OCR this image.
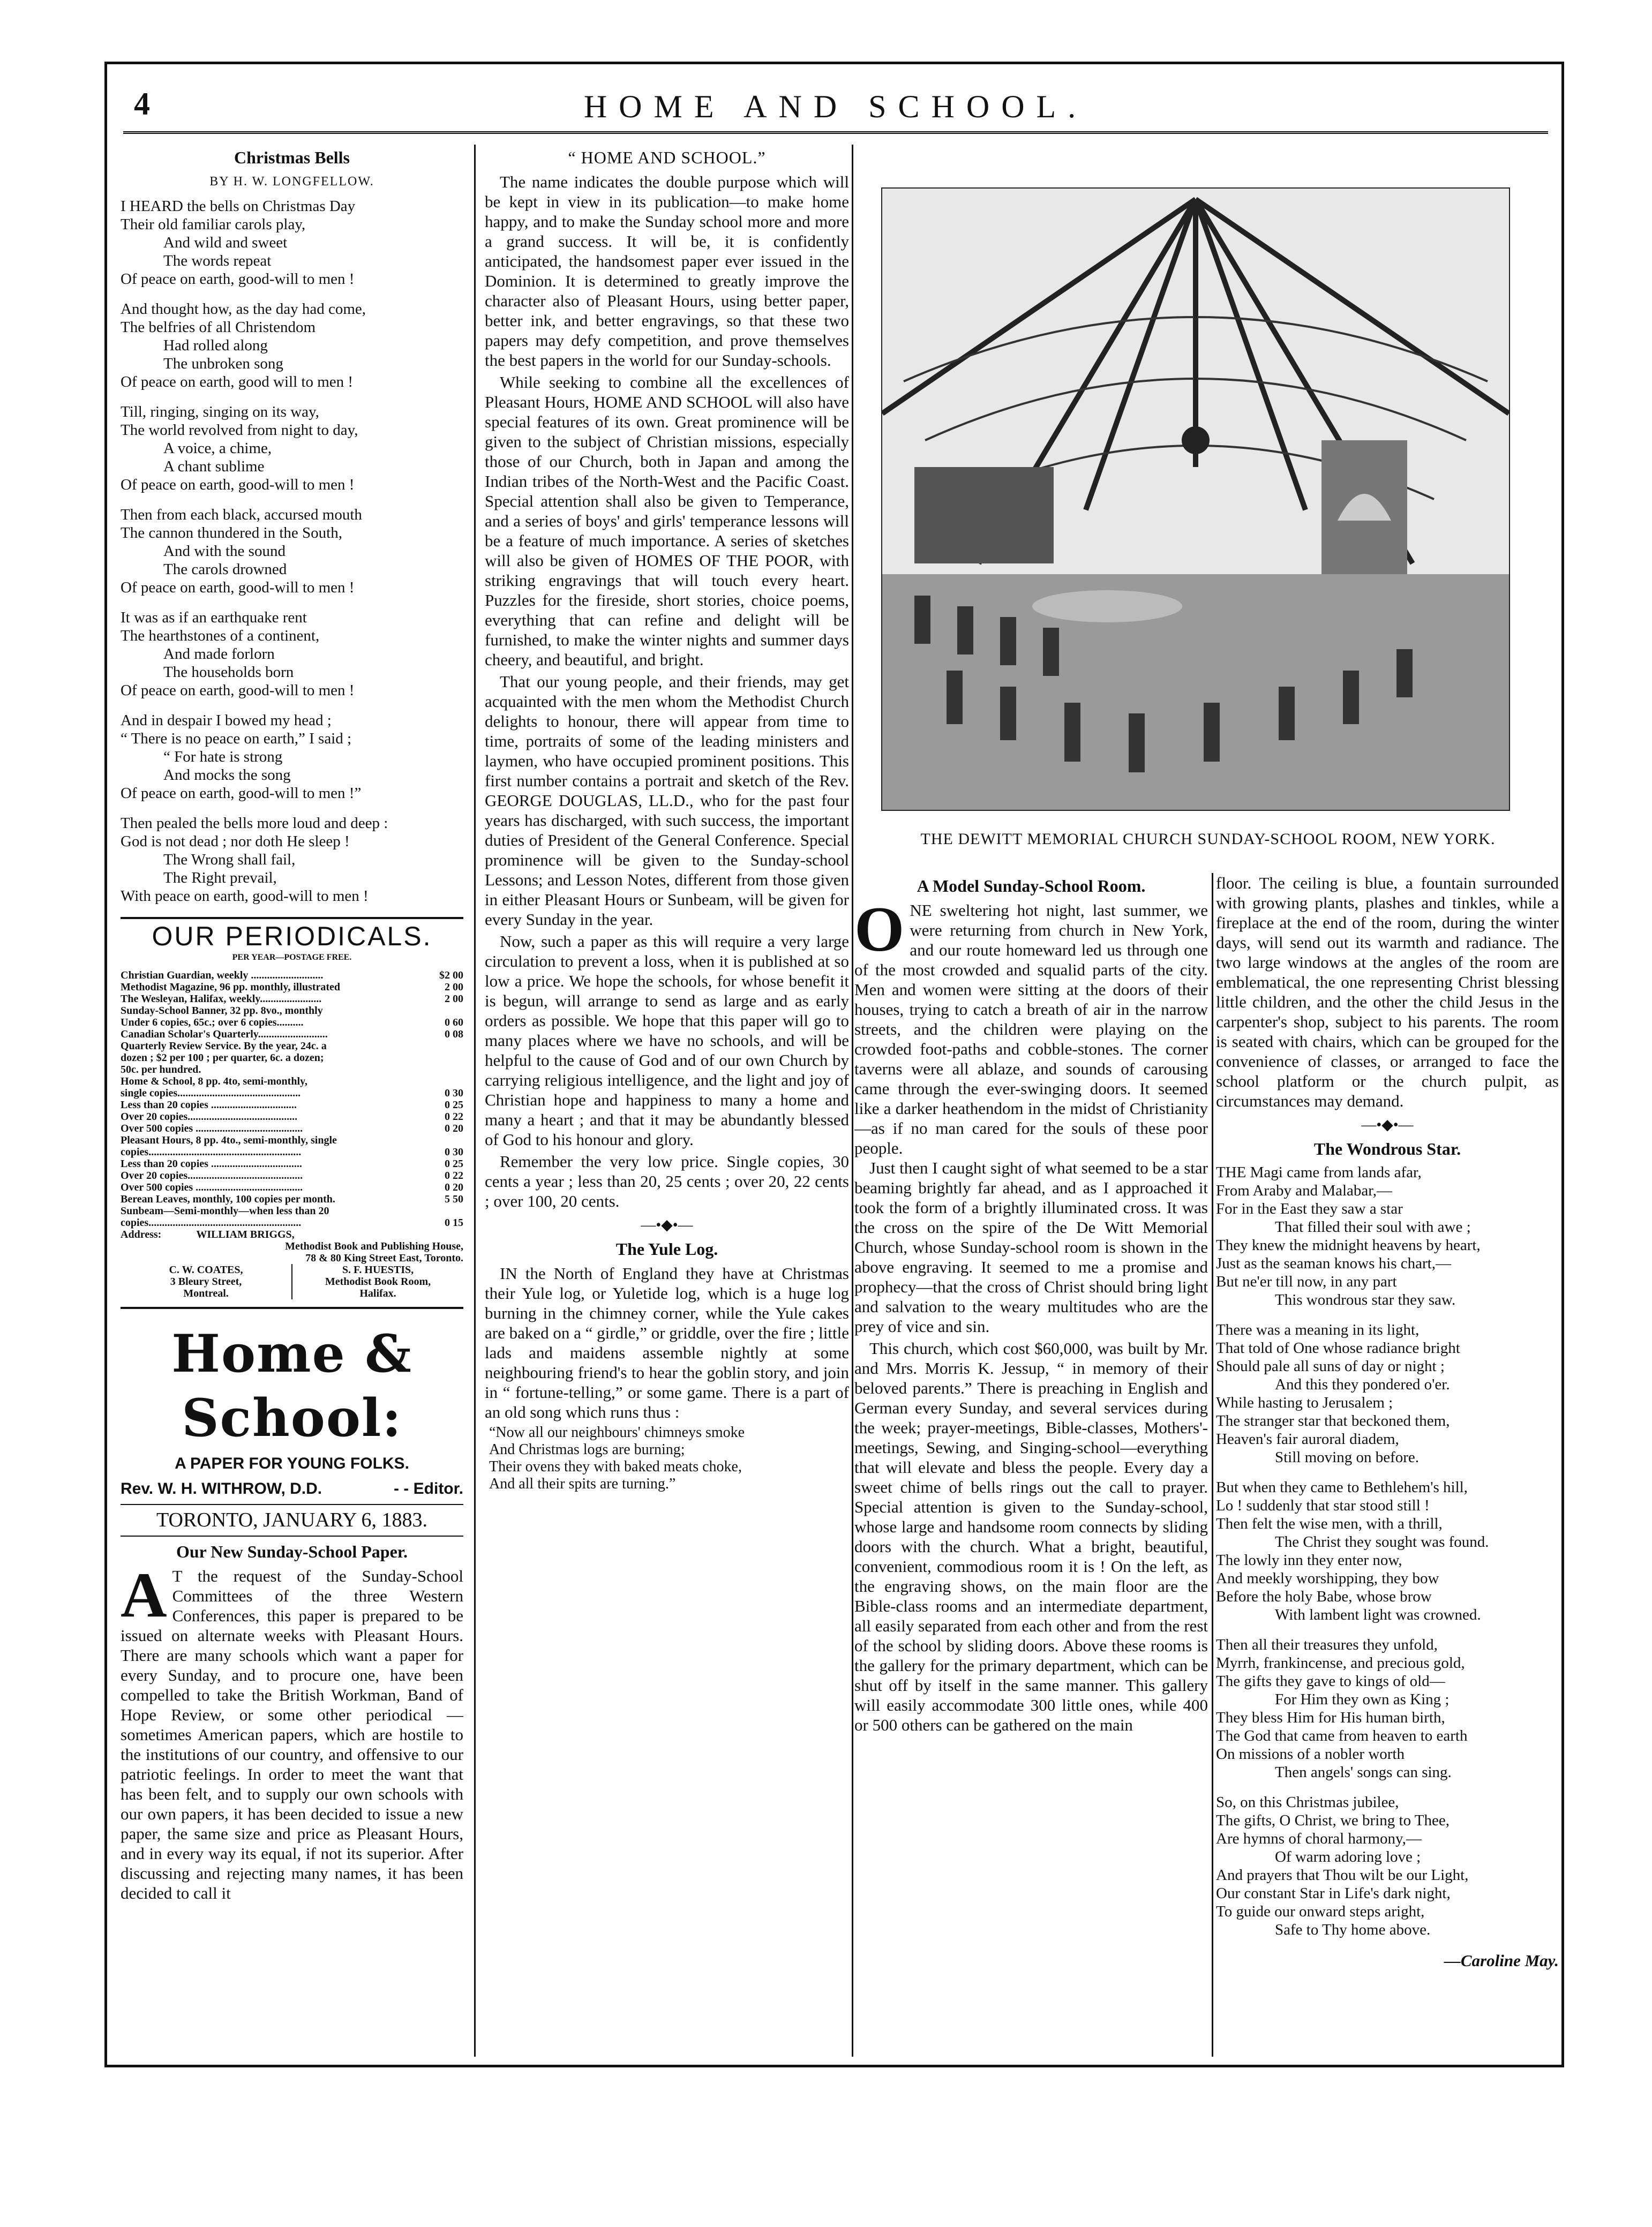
4	HOME AND SCHOOL.
Christmas Bells
BY H. W. LONGFELLOW.
I HEARD the bells on Christmas Day
Their old familiar carols play,
And wild and sweet
The words repeat
Of peace on earth, good-will to men !
And thought how, as the day had come,
The belfries of all Christendom
Had rolled along
The unbroken song
Of peace on earth, good will to men !
Till, ringing, singing on its way,
The world revolved from night to day,
A voice, a chime,
A chant sublime
Of peace on earth, good-will to men !
Then from each black, accursed mouth
The cannon thundered in the South,
And with the sound
The carols drowned
Of peace on earth, good-will to men !
It was as if an earthquake rent
The hearthstones of a continent,
And made forlorn
The households born
Of peace on earth, good-will to men !
And in despair I bowed my head ;
“ There is no peace on earth,” I said ;
“ For hate is strong
And mocks the song
Of peace on earth, good-will to men !”
Then pealed the bells more loud and deep :
God is not dead ; nor doth He sleep !
The Wrong shall fail,
The Right prevail,
With peace on earth, good-will to men !
OUR PERIODICALS.
PER YEAR—POSTAGE FREE.
Christian Guardian, weekly ...........................	$2 00
Methodist Magazine, 96 pp. monthly, illustrated	2 00
The Wesleyan, Halifax, weekly.......................	2 00
Sunday-School Banner, 32 pp. 8vo., monthly
Under 6 copies, 65c.; over 6 copies..........	0 60
Canadian Scholar's Quarterly..........................	0 08
Quarterly Review Service. By the year, 24c. a
dozen ; $2 per 100 ; per quarter, 6c. a dozen;
50c. per hundred.
Home & School, 8 pp. 4to, semi-monthly,
single copies..............................................	0 30
Less than 20 copies ................................	0 25
Over 20 copies.........................................	0 22
Over 500 copies ........................................	0 20
Pleasant Hours, 8 pp. 4to., semi-monthly, single
copies.........................................................	0 30
Less than 20 copies ..................................	0 25
Over 20 copies...........................................	0 22
Over 500 copies ........................................	0 20
Berean Leaves, monthly, 100 copies per month.	5 50
Sunbeam—Semi-monthly—when less than 20
copies.........................................................	0 15
Address:	WILLIAM BRIGGS,
Methodist Book and Publishing House,
78 & 80 King Street East, Toronto.
C. W. COATES,
3 Bleury Street,
Montreal.
S. F. HUESTIS,
Methodist Book Room,
Halifax.
Home & School:
A PAPER FOR YOUNG FOLKS.
Rev. W. H. WITHROW, D.D.	- - Editor.
TORONTO, JANUARY 6, 1883.
Our New Sunday-School Paper.
A T the request of the Sunday-School Committees of the three Western Conferences, this paper is prepared to be issued on alternate weeks with Pleasant Hours. There are many schools which want a paper for every Sunday, and to procure one, have been compelled to take the British Workman, Band of Hope Review, or some other periodical — sometimes American papers, which are hostile to the institutions of our country, and offensive to our patriotic feelings. In order to meet the want that has been felt, and to supply our own schools with our own papers, it has been decided to issue a new paper, the same size and price as Pleasant Hours, and in every way its equal, if not its superior. After discussing and rejecting many names, it has been decided to call it
“ HOME AND SCHOOL.”

The name indicates the double purpose which will be kept in view in its publication—to make home happy, and to make the Sunday school more and more a grand success. It will be, it is confidently anticipated, the handsomest paper ever issued in the Dominion. It is determined to greatly improve the character also of Pleasant Hours, using better paper, better ink, and better engravings, so that these two papers may defy competition, and prove themselves the best papers in the world for our Sunday-schools.

While seeking to combine all the excellences of Pleasant Hours, HOME AND SCHOOL will also have special features of its own. Great prominence will be given to the subject of Christian missions, especially those of our Church, both in Japan and among the Indian tribes of the North-West and the Pacific Coast. Special attention shall also be given to Temperance, and a series of boys' and girls' temperance lessons will be a feature of much importance. A series of sketches will also be given of HOMES OF THE POOR, with striking engravings that will touch every heart. Puzzles for the fireside, short stories, choice poems, everything that can refine and delight will be furnished, to make the winter nights and summer days cheery, and beautiful, and bright.

That our young people, and their friends, may get acquainted with the men whom the Methodist Church delights to honour, there will appear from time to time, portraits of some of the leading ministers and laymen, who have occupied prominent positions. This first number contains a portrait and sketch of the Rev. GEORGE DOUGLAS, LL.D., who for the past four years has discharged, with such success, the important duties of President of the General Conference. Special prominence will be given to the Sunday-school Lessons; and Lesson Notes, different from those given in either Pleasant Hours or Sunbeam, will be given for every Sunday in the year.

Now, such a paper as this will require a very large circulation to prevent a loss, when it is published at so low a price. We hope the schools, for whose benefit it is begun, will arrange to send as large and as early orders as possible. We hope that this paper will go to many places where we have no schools, and will be helpful to the cause of God and of our own Church by carrying religious intelligence, and the light and joy of Christian hope and happiness to many a home and many a heart ; and that it may be abundantly blessed of God to his honour and glory.

Remember the very low price. Single copies, 30 cents a year ; less than 20, 25 cents ; over 20, 22 cents ; over 100, 20 cents.

—•◆•—
The Yule Log.

IN the North of England they have at Christmas their Yule log, or Yuletide log, which is a huge log burning in the chimney corner, while the Yule cakes are baked on a “ girdle,” or griddle, over the fire ; little lads and maidens assemble nightly at some neighbouring friend's to hear the goblin story, and join in “ fortune-telling,” or some game. There is a part of an old song which runs thus :

“Now all our neighbours' chimneys smoke
And Christmas logs are burning;
Their ovens they with baked meats choke,
And all their spits are turning.”
THE DEWITT MEMORIAL CHURCH SUNDAY-SCHOOL ROOM, NEW YORK.
A Model Sunday-School Room.
O NE sweltering hot night, last summer, we were returning from church in New York, and our route homeward led us through one of the most crowded and squalid parts of the city. Men and women were sitting at the doors of their houses, trying to catch a breath of air in the narrow streets, and the children were playing on the crowded foot-paths and cobble-stones. The corner taverns were all ablaze, and sounds of carousing came through the ever-swinging doors. It seemed like a darker heathendom in the midst of Christianity—as if no man cared for the souls of these poor people.

Just then I caught sight of what seemed to be a star beaming brightly far ahead, and as I approached it took the form of a brightly illuminated cross. It was the cross on the spire of the De Witt Memorial Church, whose Sunday-school room is shown in the above engraving. It seemed to me a promise and prophecy—that the cross of Christ should bring light and salvation to the weary multitudes who are the prey of vice and sin.

This church, which cost $60,000, was built by Mr. and Mrs. Morris K. Jessup, “ in memory of their beloved parents.” There is preaching in English and German every Sunday, and several services during the week; prayer-meetings, Bible-classes, Mothers'-meetings, Sewing, and Singing-school—everything that will elevate and bless the people. Every day a sweet chime of bells rings out the call to prayer. Special attention is given to the Sunday-school, whose large and handsome room connects by sliding doors with the church. What a bright, beautiful, convenient, commodious room it is ! On the left, as the engraving shows, on the main floor are the Bible-class rooms and an intermediate department, all easily separated from each other and from the rest of the school by sliding doors. Above these rooms is the gallery for the primary department, which can be shut off by itself in the same manner. This gallery will easily accommodate 300 little ones, while 400 or 500 others can be gathered on the main

floor. The ceiling is blue, a fountain surrounded with growing plants, plashes and tinkles, while a fireplace at the end of the room, during the winter days, will send out its warmth and radiance. The two large windows at the angles of the room are emblematical, the one representing Christ blessing little children, and the other the child Jesus in the carpenter's shop, subject to his parents. The room is seated with chairs, which can be grouped for the convenience of classes, or arranged to face the school platform or the church pulpit, as circumstances may demand.

—•◆•—
The Wondrous Star.
THE Magi came from lands afar,
From Araby and Malabar,—
For in the East they saw a star
That filled their soul with awe ;
They knew the midnight heavens by heart,
Just as the seaman knows his chart,—
But ne'er till now, in any part
This wondrous star they saw.
There was a meaning in its light,
That told of One whose radiance bright
Should pale all suns of day or night ;
And this they pondered o'er.
While hasting to Jerusalem ;
The stranger star that beckoned them,
Heaven's fair auroral diadem,
Still moving on before.
But when they came to Bethlehem's hill,
Lo ! suddenly that star stood still !
Then felt the wise men, with a thrill,
The Christ they sought was found.
The lowly inn they enter now,
And meekly worshipping, they bow
Before the holy Babe, whose brow
With lambent light was crowned.
Then all their treasures they unfold,
Myrrh, frankincense, and precious gold,
The gifts they gave to kings of old—
For Him they own as King ;
They bless Him for His human birth,
The God that came from heaven to earth
On missions of a nobler worth
Then angels' songs can sing.
So, on this Christmas jubilee,
The gifts, O Christ, we bring to Thee,
Are hymns of choral harmony,—
Of warm adoring love ;
And prayers that Thou wilt be our Light,
Our constant Star in Life's dark night,
To guide our onward steps aright,
Safe to Thy home above.
—Caroline May.
